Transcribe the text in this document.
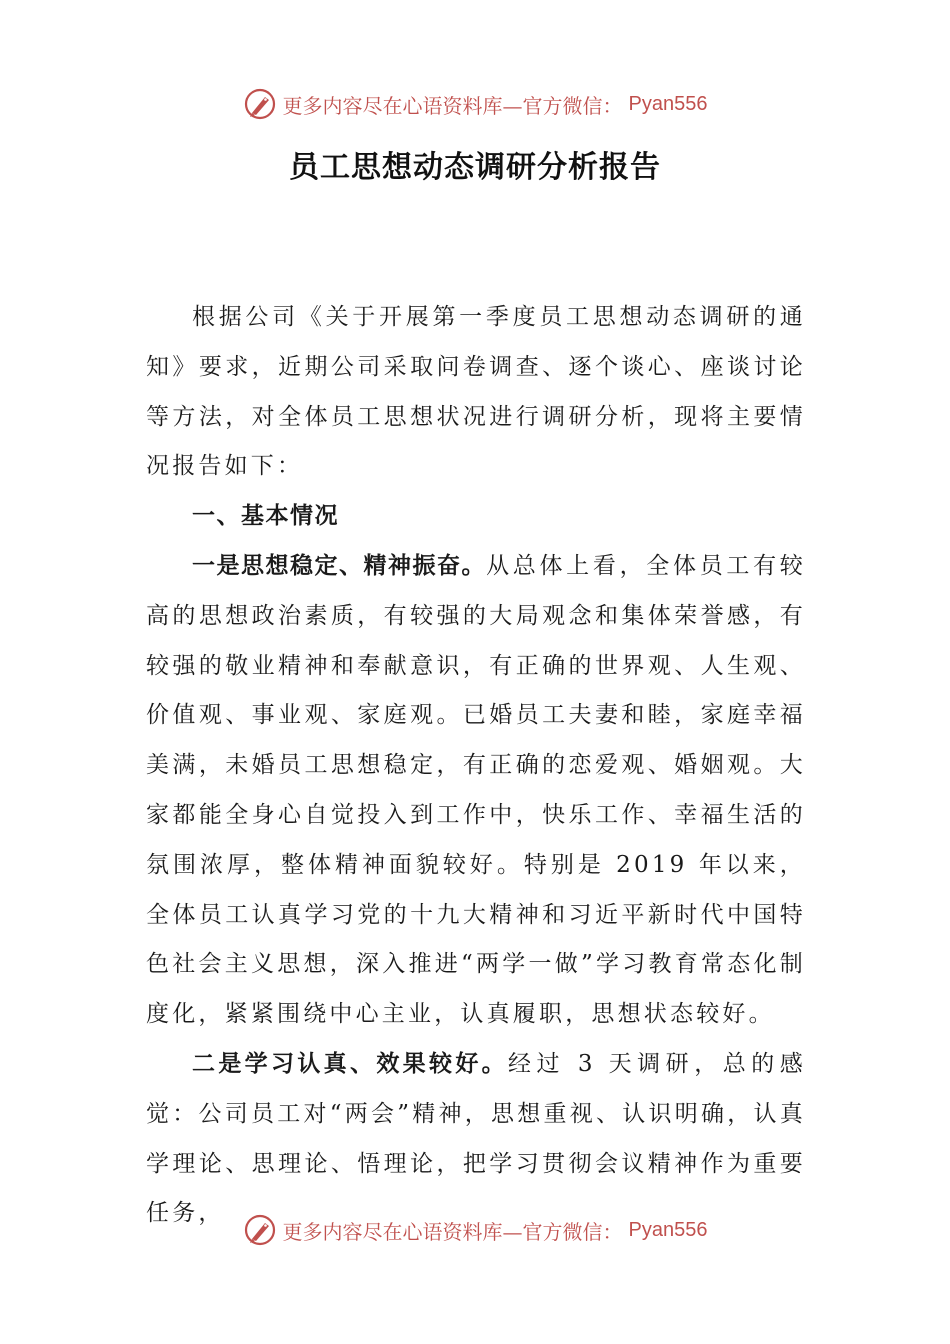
更多内容尽在心语资料库—官方微信： Pyan556
员工思想动态调研分析报告

根据公司《关于开展第一季度员工思想动态调研的通知》要求，近期公司采取问卷调查、逐个谈心、座谈讨论等方法，对全体员工思想状况进行调研分析，现将主要情况报告如下：

一、基本情况

一是思想稳定、精神振奋。从总体上看，全体员工有较高的思想政治素质，有较强的大局观念和集体荣誉感，有较强的敬业精神和奉献意识，有正确的世界观、人生观、价值观、事业观、家庭观。已婚员工夫妻和睦，家庭幸福美满，未婚员工思想稳定，有正确的恋爱观、婚姻观。大家都能全身心自觉投入到工作中，快乐工作、幸福生活的氛围浓厚，整体精神面貌较好。特别是 2019 年以来，全体员工认真学习党的十九大精神和习近平新时代中国特色社会主义思想，深入推进“两学一做”学习教育常态化制度化，紧紧围绕中心主业，认真履职，思想状态较好。

二是学习认真、效果较好。经过 3 天调研，总的感觉：公司员工对“两会”精神，思想重视、认识明确，认真学理论、思理论、悟理论，把学习贯彻会议精神作为重要任务，

更多内容尽在心语资料库—官方微信： Pyan556
